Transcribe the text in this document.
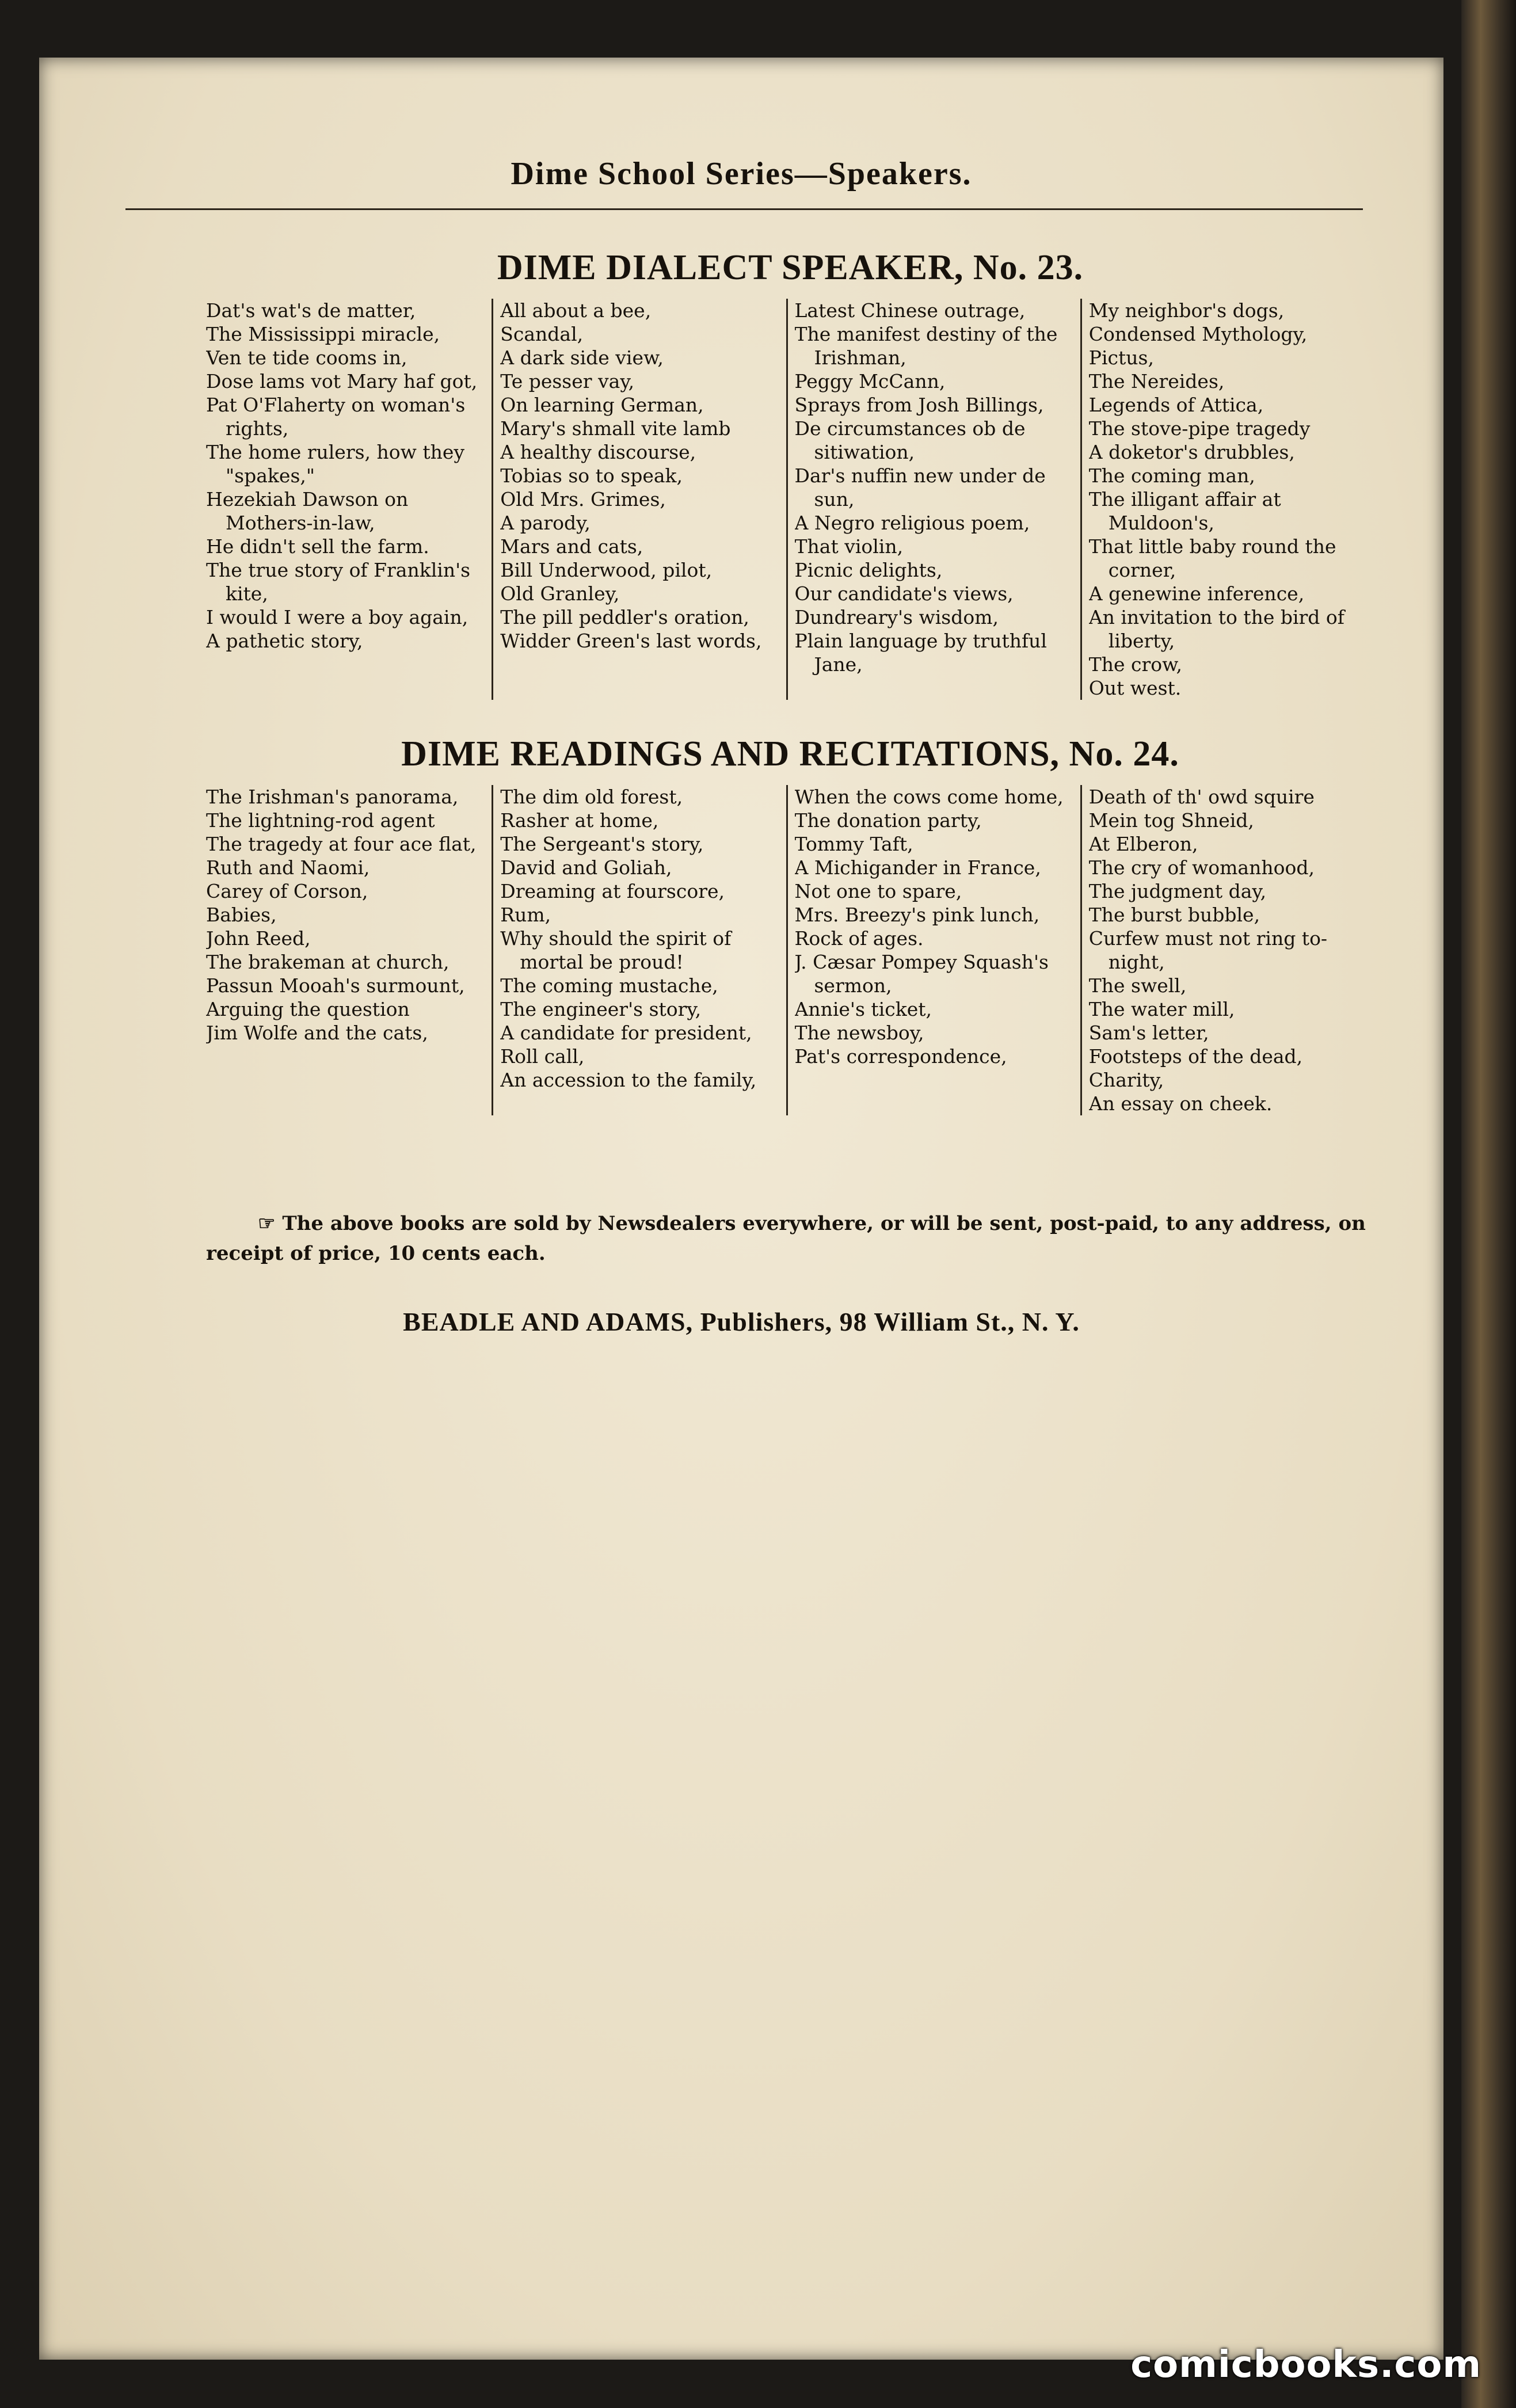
Dime School Series—Speakers.
DIME DIALECT SPEAKER, No. 23.
Dat's wat's de matter,
The Mississippi miracle,
Ven te tide cooms in,
Dose lams vot Mary haf got,
Pat O'Flaherty on woman's rights,
The home rulers, how they "spakes,"
Hezekiah Dawson on Mothers-in-law,
He didn't sell the farm.
The true story of Franklin's kite,
I would I were a boy again,
A pathetic story,
All about a bee,
Scandal,
A dark side view,
Te pesser vay,
On learning German,
Mary's shmall vite lamb
A healthy discourse,
Tobias so to speak,
Old Mrs. Grimes,
A parody,
Mars and cats,
Bill Underwood, pilot,
Old Granley,
The pill peddler's oration,
Widder Green's last words,
Latest Chinese outrage,
The manifest destiny of the Irishman,
Peggy McCann,
Sprays from Josh Billings,
De circumstances ob de sitiwation,
Dar's nuffin new under de sun,
A Negro religious poem,
That violin,
Picnic delights,
Our candidate's views,
Dundreary's wisdom,
Plain language by truthful Jane,
My neighbor's dogs,
Condensed Mythology,
Pictus,
The Nereides,
Legends of Attica,
The stove-pipe tragedy
A doketor's drubbles,
The coming man,
The illigant affair at Muldoon's,
That little baby round the corner,
A genewine inference,
An invitation to the bird of liberty,
The crow,
Out west.
DIME READINGS AND RECITATIONS, No. 24.
The Irishman's panorama,
The lightning-rod agent
The tragedy at four ace flat,
Ruth and Naomi,
Carey of Corson,
Babies,
John Reed,
The brakeman at church,
Passun Mooah's surmount,
Arguing the question
Jim Wolfe and the cats,
The dim old forest,
Rasher at home,
The Sergeant's story,
David and Goliah,
Dreaming at fourscore,
Rum,
Why should the spirit of mortal be proud!
The coming mustache,
The engineer's story,
A candidate for president,
Roll call,
An accession to the family,
When the cows come home,
The donation party,
Tommy Taft,
A Michigander in France,
Not one to spare,
Mrs. Breezy's pink lunch,
Rock of ages.
J. Cæsar Pompey Squash's sermon,
Annie's ticket,
The newsboy,
Pat's correspondence,
Death of th' owd squire
Mein tog Shneid,
At Elberon,
The cry of womanhood,
The judgment day,
The burst bubble,
Curfew must not ring to-night,
The swell,
The water mill,
Sam's letter,
Footsteps of the dead,
Charity,
An essay on cheek.
☞ The above books are sold by Newsdealers everywhere, or will be sent, post-paid, to any address, on receipt of price, 10 cents each.
BEADLE AND ADAMS, Publishers, 98 William St., N. Y.
comicbooks.com
